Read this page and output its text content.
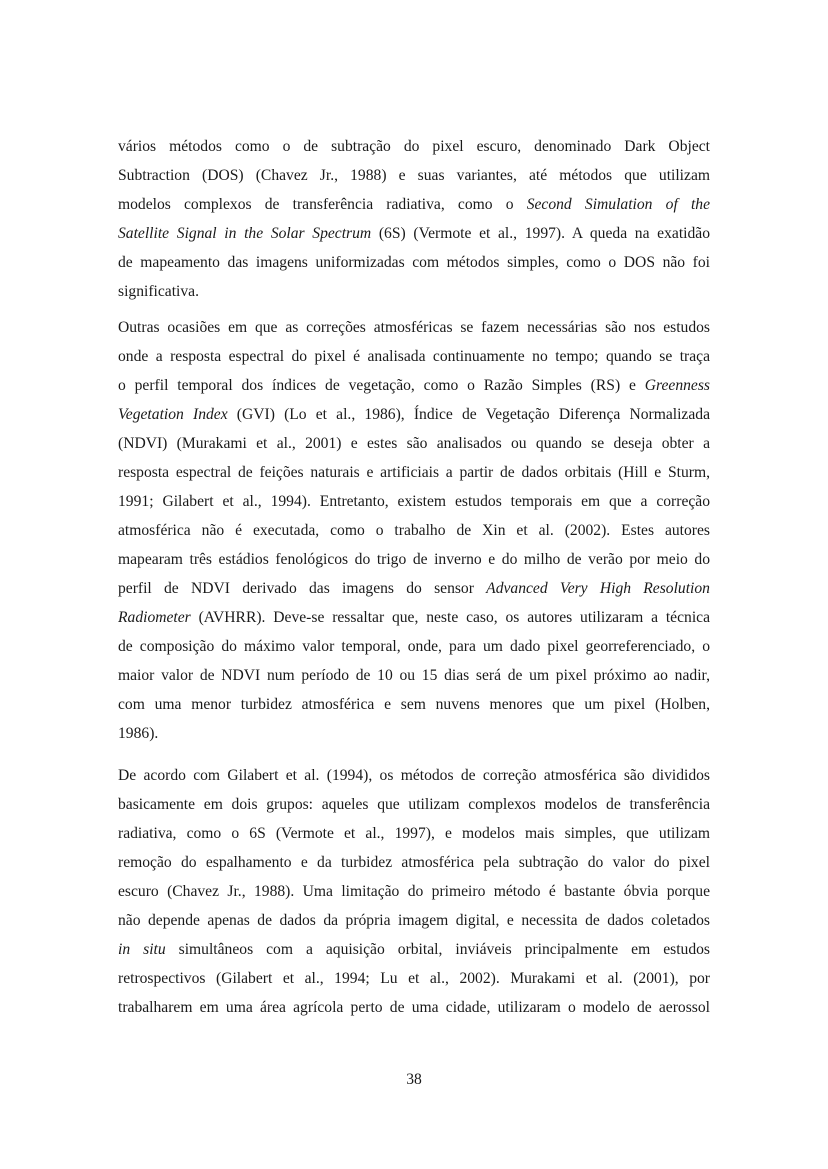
vários métodos como o de subtração do pixel escuro, denominado Dark Object
Subtraction (DOS) (Chavez Jr., 1988) e suas variantes, até métodos que utilizam
modelos complexos de transferência radiativa, como o Second Simulation of the
Satellite Signal in the Solar Spectrum (6S) (Vermote et al., 1997). A queda na exatidão
de mapeamento das imagens uniformizadas com métodos simples, como o DOS não foi
significativa.
Outras ocasiões em que as correções atmosféricas se fazem necessárias são nos estudos
onde a resposta espectral do pixel é analisada continuamente no tempo; quando se traça
o perfil temporal dos índices de vegetação, como o Razão Simples (RS) e Greenness
Vegetation Index (GVI) (Lo et al., 1986), Índice de Vegetação Diferença Normalizada
(NDVI) (Murakami et al., 2001) e estes são analisados ou quando se deseja obter a
resposta espectral de feições naturais e artificiais a partir de dados orbitais (Hill e Sturm,
1991; Gilabert et al., 1994). Entretanto, existem estudos temporais em que a correção
atmosférica não é executada, como o trabalho de Xin et al. (2002). Estes autores
mapearam três estádios fenológicos do trigo de inverno e do milho de verão por meio do
perfil de NDVI derivado das imagens do sensor Advanced Very High Resolution
Radiometer (AVHRR). Deve-se ressaltar que, neste caso, os autores utilizaram a técnica
de composição do máximo valor temporal, onde, para um dado pixel georreferenciado, o
maior valor de NDVI num período de 10 ou 15 dias será de um pixel próximo ao nadir,
com uma menor turbidez atmosférica e sem nuvens menores que um pixel (Holben,
1986).
De acordo com Gilabert et al. (1994), os métodos de correção atmosférica são divididos
basicamente em dois grupos: aqueles que utilizam complexos modelos de transferência
radiativa, como o 6S (Vermote et al., 1997), e modelos mais simples, que utilizam
remoção do espalhamento e da turbidez atmosférica pela subtração do valor do pixel
escuro (Chavez Jr., 1988). Uma limitação do primeiro método é bastante óbvia porque
não depende apenas de dados da própria imagem digital, e necessita de dados coletados
in situ simultâneos com a aquisição orbital, inviáveis principalmente em estudos
retrospectivos (Gilabert et al., 1994; Lu et al., 2002). Murakami et al. (2001), por
trabalharem em uma área agrícola perto de uma cidade, utilizaram o modelo de aerossol
38
